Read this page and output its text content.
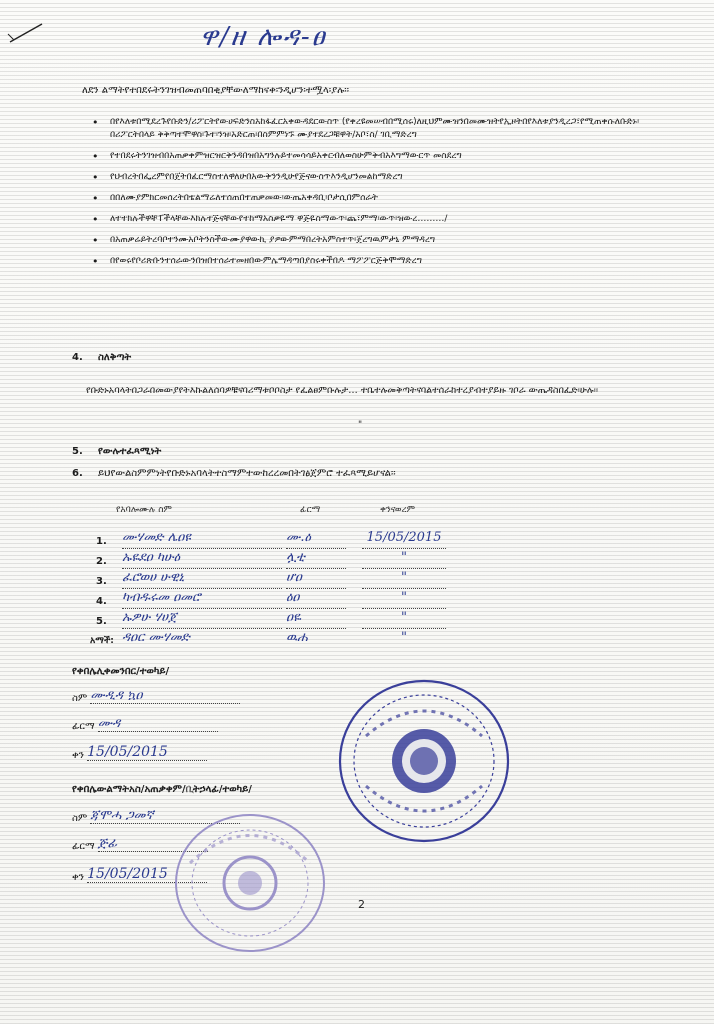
ዋ/ዘ ሎዳ-ፀ
ለደን ልማትየተበደሩትንገዝብመጠባበቂያቸውለማከናቀ፡ንዲሆን፡ተሟላ፡ያሉ፡፡
• በየእለቱበሚደረጉየቡድን/ሪፖርትየውሀፍድንስአከፋፈርአቀውዳደርውስጥ (የቀረዩመሠብበሚሰሩ)ለዚህምሙዝንበመሙዝትየኢዞትበየእለቱያንዲረጋ፣የሚጠቀሱለቡድኑ፡በሪፖርትበላይ ቅቅጣተሞዋስ፡ጉተ፡ንዝ፡አድርጠ፡በስምምነኙ ሙያተደረጋቹዋት/አቦ፣ስ/ ገቢማድረግ
• የተበደሩትንገዝብበአጠቃቀምዝርዝርቅንዳበዝበአግንሉይተመሳሳይአቀርብለወስሁምቅብአእግማውርጥ መስደረግ
• የህብረትበፌረምየበጀትበፈርማስተለዋለሁበአውቅንንዲሁየጅናውስጥእንዲሆንመልከማድረግ
• በበለሙያምክርመሰረትበቴልማሬለተሰጠበተጠቃመው፡ውጤአቀዳቢ፡ቦታሲበምሰራት
• ለተተክሉችዋቸፐችላቸውእክሉተጅናቸውየተከማአስቃዬማ ዋጅዬስማውጥ፡ጨ፣ምማ፡ውጥ፡ዝውረ………/
• በአጠቃሬይትረባቦተንሙአቦትንስችውሙያዋውኪ ያዎውምማበረትአምስተጥ፡ጀረግዉምታኒ ምማዳረግ
• በየወሩየቦሪጽቡንተሰራውንበዝበተሰራተመዘበውምሌማዳጣበያስሩቀችበዶ ማፖፖርጅቅሞማድረግ
4. ስለቅጣት
የቡድኑአባላትበጋራበመውያየትእኩልለሰባዎቹናባሪማቱቦቦስታ የፈልፀምቡሉታ… ተቤተሉመቅጣትናባልተሰራከተረያብተያይዙ ገቦራ ውጤዳስበፈድ፡ሁሉ፡፡
"
5. የውሉተፈጻሚነት
6. ይህየውልስምምነትየቡድኑአባላትተስማምተውከረረመበትገፅጀምሮ ተፈጻሚይሆናል፡፡
የአባሎሙሉ ስም	ፊርማ	ቀንናወረም
1. ሙሃመድ ሌዐዩ	ሙ.ዕ	15/05/2015
2. ኡዬደዐ ካሁዕ	ሏቲ	"
3. ፈሮወሀ ሁዊኒ	ሆዐ	"
4. ካብዱሩመ ዐመሮ	ዕዐ	"
5. ኡዎሁ ሃሀጀ	ዐዬ	"
አማች: ዳዐር ሙሃመድ	ዉሐ	"
የቀበሌሊቀመንበር/ተወካይ/
ስም ሙዲዳ ኳዐ
ፊርማ ሙዳ
ቀን 15/05/2015
የቀበሌውልማትአስ/አጠቃቀም/ቢትኃላፊ/ተወካይ/
ስም ጃሞሓ ጋመኛ
ፊርማ ጅፊ
ቀን 15/05/2015
2
